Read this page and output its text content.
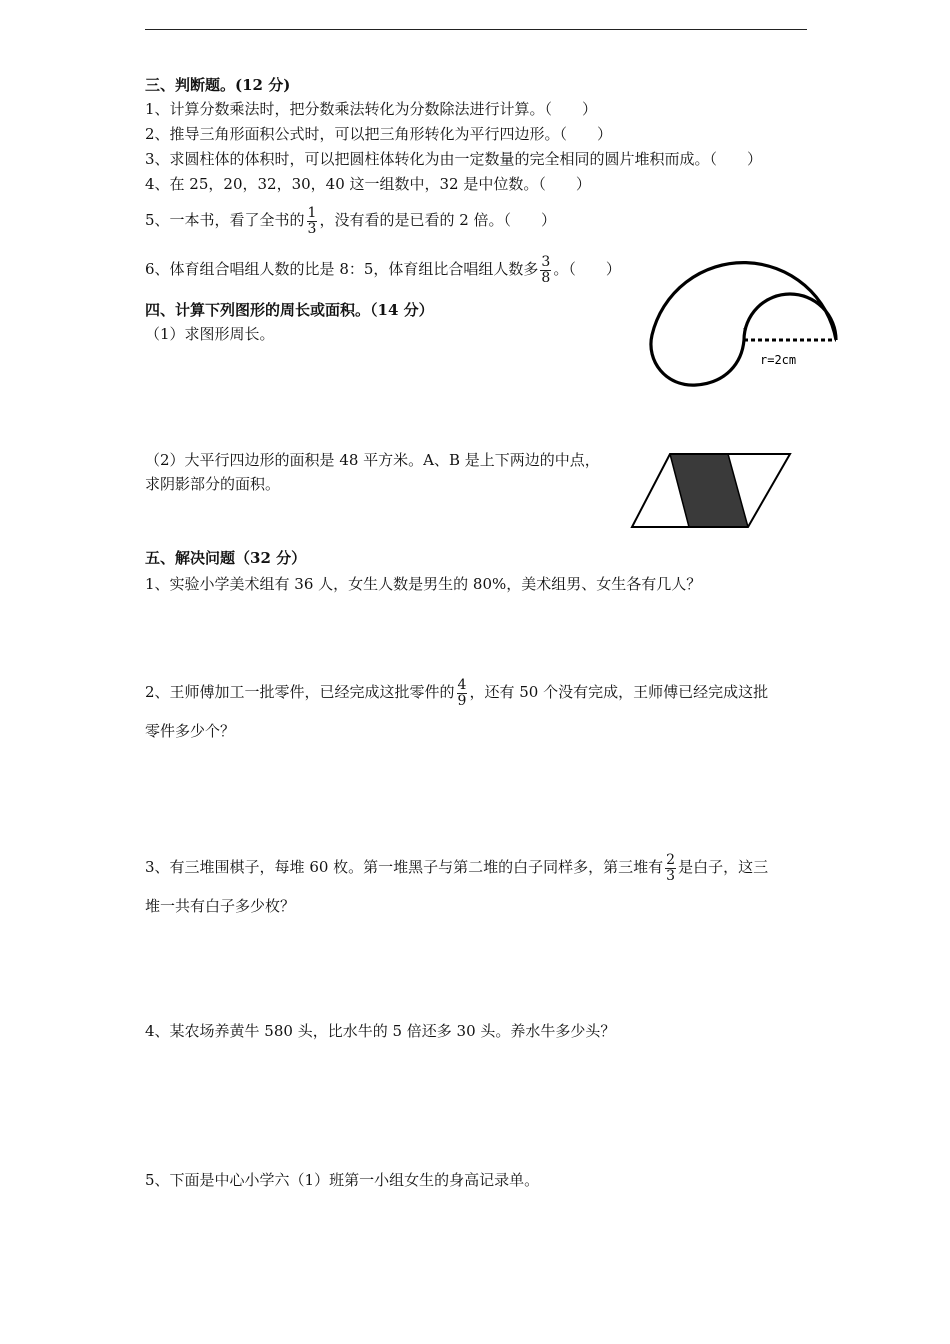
三、判断题。(12 分)
1、计算分数乘法时，把分数乘法转化为分数除法进行计算。（　　）
2、推导三角形面积公式时，可以把三角形转化为平行四边形。（　　）
3、求圆柱体的体积时，可以把圆柱体转化为由一定数量的完全相同的圆片堆积而成。（　　）
4、在 25，20，32，30，40 这一组数中，32 是中位数。（　　）
5、一本书，看了全书的 $\frac{1}{3}$ ，没有看的是已看的 2 倍。（　　）
6、体育组合唱组人数的比是 8：5，体育组比合唱组人数多 $\frac{3}{8}$ 。（　　）
四、计算下列图形的周长或面积。（14 分）
（1）求图形周长。
r=2cm
（2）大平行四边形的面积是 48 平方米。A、B 是上下两边的中点，
求阴影部分的面积。
五、解决问题（32 分）
1、实验小学美术组有 36 人，女生人数是男生的 80%，美术组男、女生各有几人？
2、王师傅加工一批零件，已经完成这批零件的 $\frac{4}{9}$ ，还有 50 个没有完成，王师傅已经完成这批
零件多少个？
3、有三堆围棋子，每堆 60 枚。第一堆黑子与第二堆的白子同样多，第三堆有 $\frac{2}{3}$ 是白子，这三
堆一共有白子多少枚？
4、某农场养黄牛 580 头，比水牛的 5 倍还多 30 头。养水牛多少头？
5、下面是中心小学六（1）班第一小组女生的身高记录单。
